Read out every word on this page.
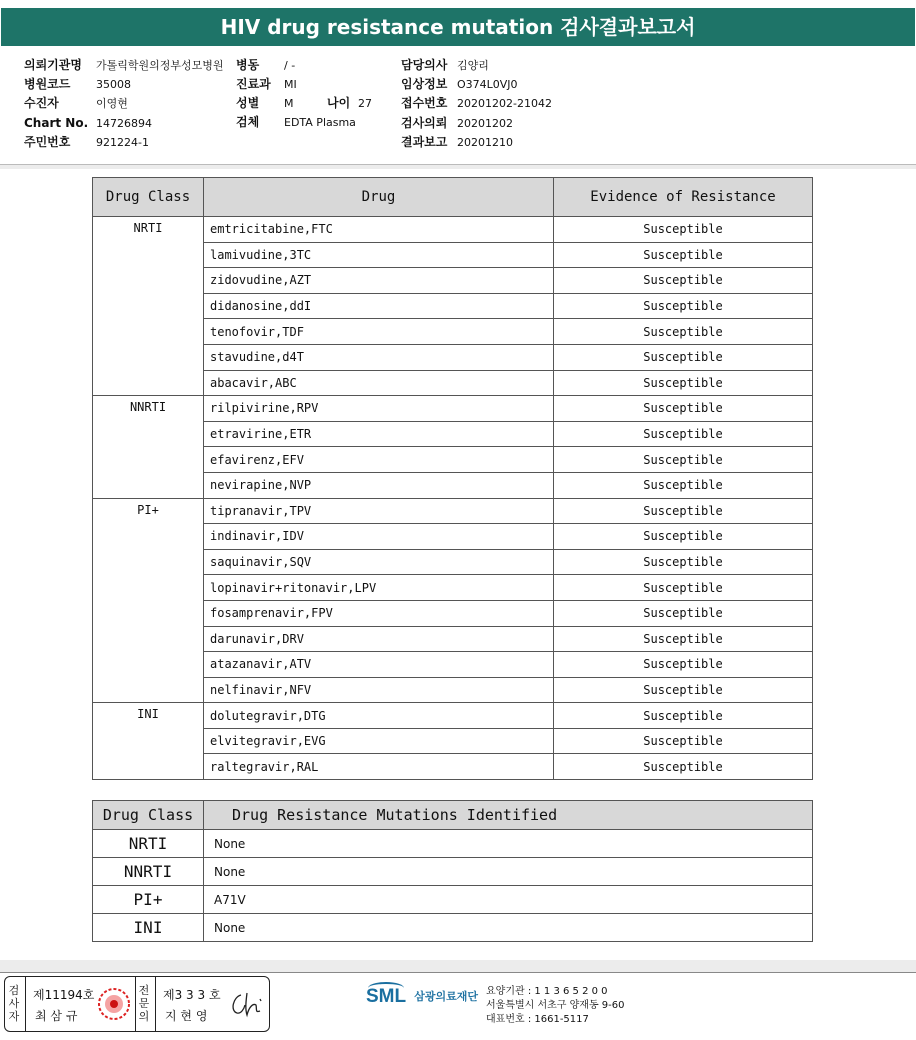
HIV drug resistance mutation 검사결과보고서
의뢰기관명 가톨릭학원의정부성모병원
병원코드 35008
수진자	이영현
Chart No. 14726894
주민번호 921224-1
병동 / -
진료과 MI
성별 M
검체 EDTA Plasma
나이 27
담당의사 김양리
임상정보 O374L0VJ0
접수번호 20201202-21042
검사의뢰 20201202
결과보고 20201210
Drug Class	Drug	Evidence of Resistance
NRTI	emtricitabine,FTC	Susceptible
	lamivudine,3TC	Susceptible
	zidovudine,AZT	Susceptible
	didanosine,ddI	Susceptible
	tenofovir,TDF	Susceptible
	stavudine,d4T	Susceptible
	abacavir,ABC	Susceptible
NNRTI	rilpivirine,RPV	Susceptible
	etravirine,ETR	Susceptible
	efavirenz,EFV	Susceptible
	nevirapine,NVP	Susceptible
PI+	tipranavir,TPV	Susceptible
	indinavir,IDV	Susceptible
	saquinavir,SQV	Susceptible
	lopinavir+ritonavir,LPV	Susceptible
	fosamprenavir,FPV	Susceptible
	darunavir,DRV	Susceptible
	atazanavir,ATV	Susceptible
	nelfinavir,NFV	Susceptible
INI	dolutegravir,DTG	Susceptible
	elvitegravir,EVG	Susceptible
	raltegravir,RAL	Susceptible
Drug Class	Drug Resistance Mutations Identified
NRTI	None
NNRTI	None
PI+	A71V
INI	None
검사자
제11194호
최 삼 규
전문의
제3 3 3 호
지 현 영
SML 삼광의료재단 요양기관 : 1 1 3 6 5 2 0 0
서울특별시 서초구 양재동 9-60
대표번호 : 1661-5117
